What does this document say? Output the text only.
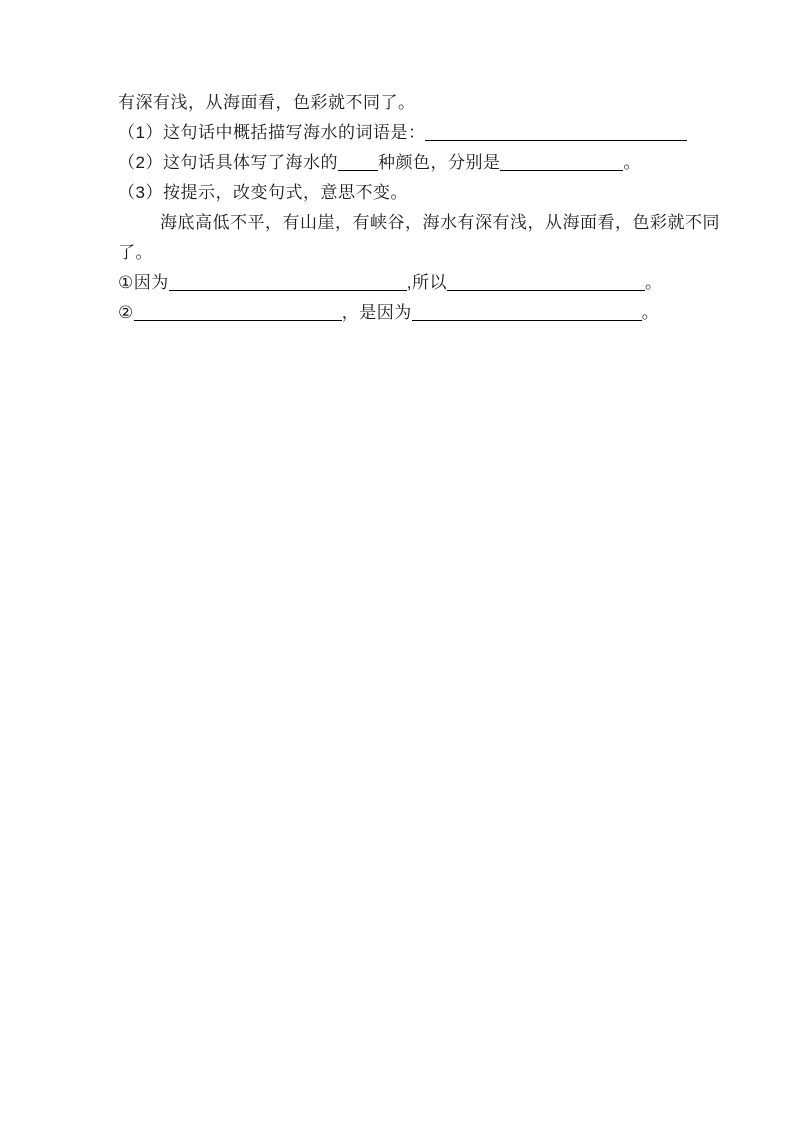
有深有浅，从海面看，色彩就不同了。
（1）这句话中概括描写海水的词语是：
（2）这句话具体写了海水的 种颜色，分别是	。
（3）按提示，改变句式，意思不变。
海底高低不平，有山崖，有峡谷，海水有深有浅，从海面看，色彩就不同
了。
①因为	,所以	。
②	，是因为	。
